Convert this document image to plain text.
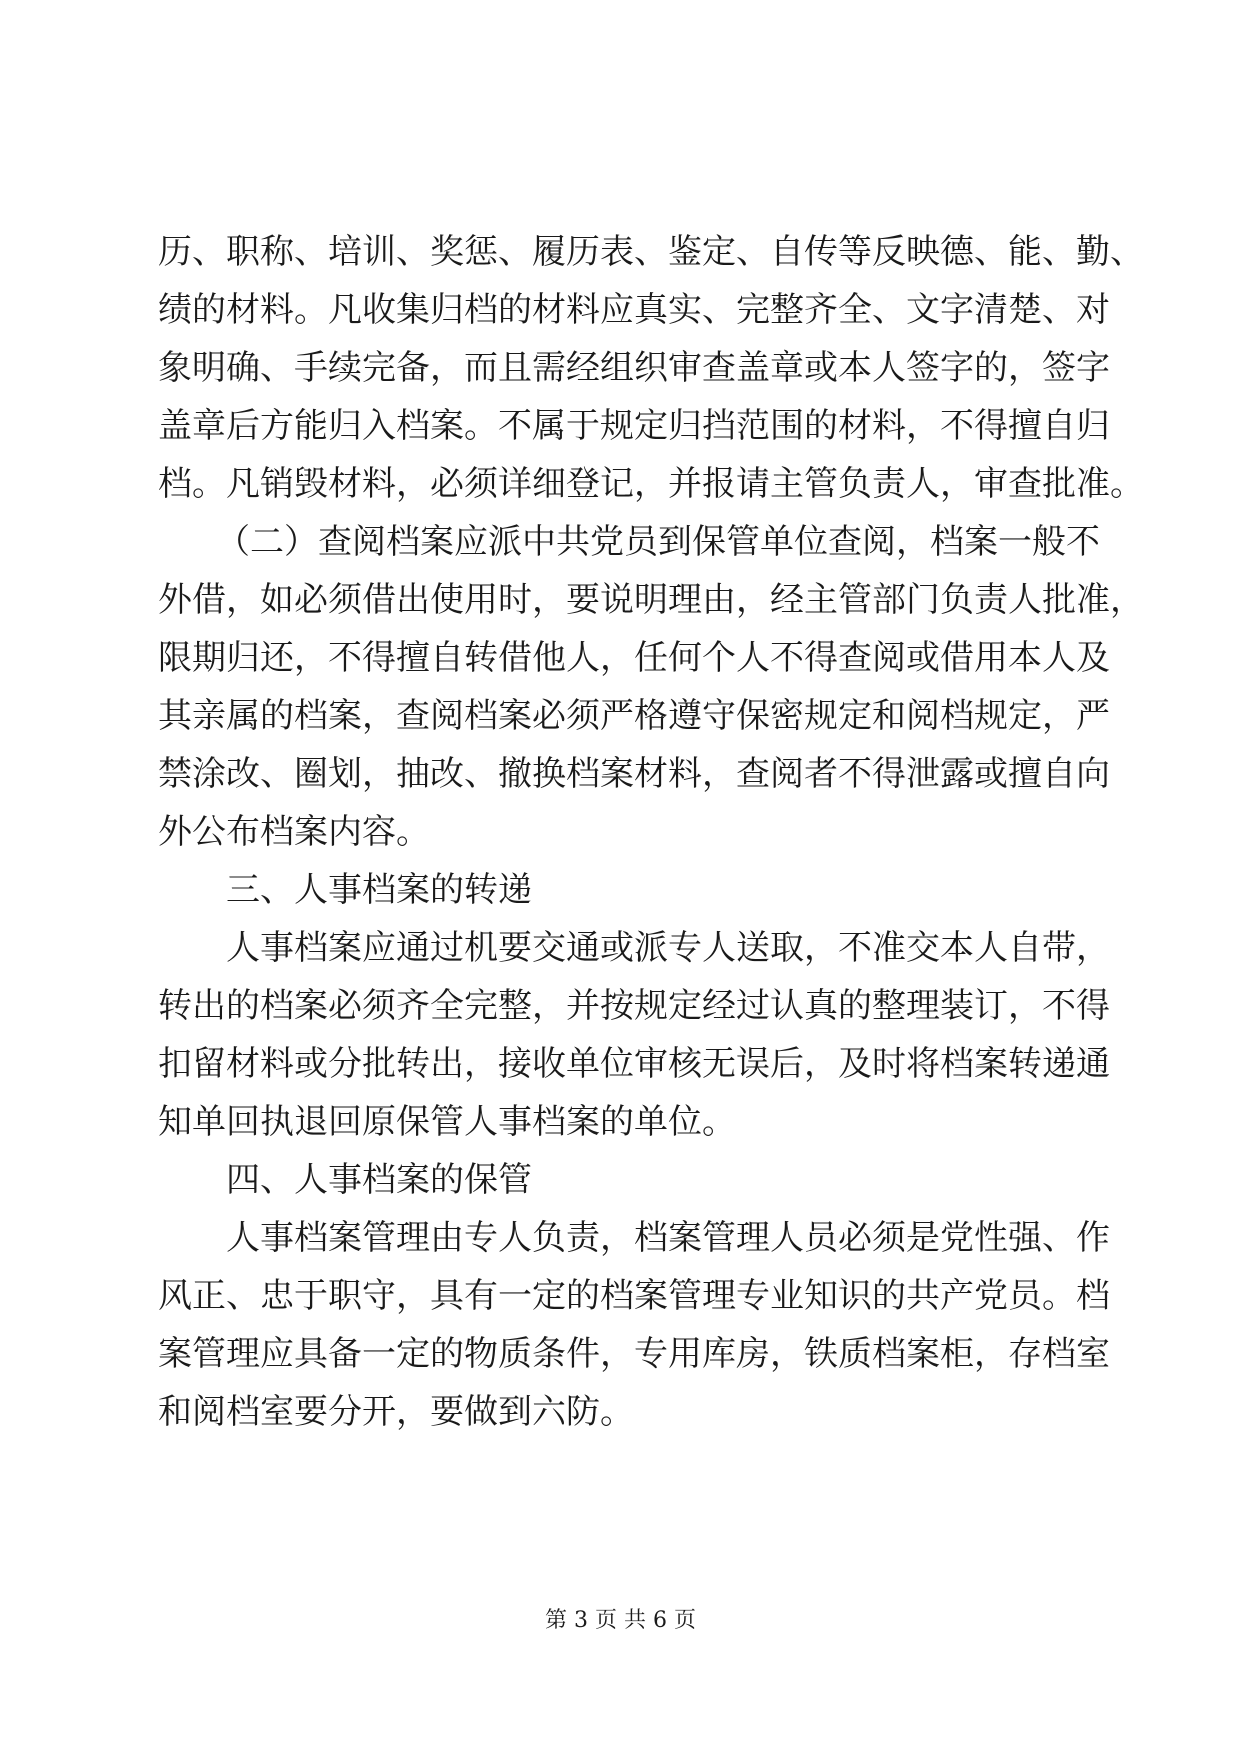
历、职称、培训、奖惩、履历表、鉴定、自传等反映德、能、勤、
绩的材料。凡收集归档的材料应真实、完整齐全、文字清楚、对
象明确、手续完备，而且需经组织审查盖章或本人签字的，签字
盖章后方能归入档案。不属于规定归挡范围的材料，不得擅自归
档。凡销毁材料，必须详细登记，并报请主管负责人，审查批准。
（二）查阅档案应派中共党员到保管单位查阅，档案一般不
外借，如必须借出使用时，要说明理由，经主管部门负责人批准，
限期归还，不得擅自转借他人，任何个人不得查阅或借用本人及
其亲属的档案，查阅档案必须严格遵守保密规定和阅档规定，严
禁涂改、圈划，抽改、撤换档案材料，查阅者不得泄露或擅自向
外公布档案内容。
三、人事档案的转递
人事档案应通过机要交通或派专人送取，不准交本人自带，
转出的档案必须齐全完整，并按规定经过认真的整理装订，不得
扣留材料或分批转出，接收单位审核无误后，及时将档案转递通
知单回执退回原保管人事档案的单位。
四、人事档案的保管
人事档案管理由专人负责，档案管理人员必须是党性强、作
风正、忠于职守，具有一定的档案管理专业知识的共产党员。档
案管理应具备一定的物质条件，专用库房，铁质档案柜，存档室
和阅档室要分开，要做到六防。
第 3 页 共 6 页
